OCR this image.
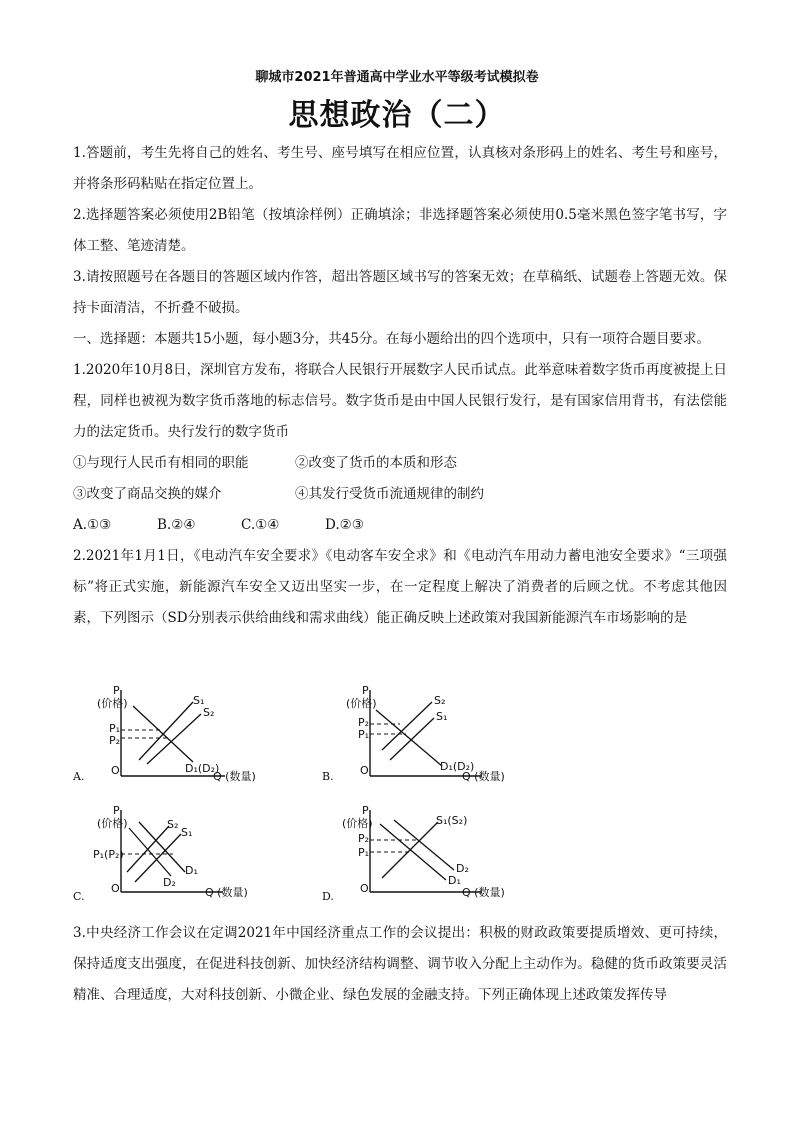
聊城市2021年普通高中学业水平等级考试模拟卷
思想政治（二）

1.答题前，考生先将自己的姓名、考生号、座号填写在相应位置，认真核对条形码上的姓名、考生号和座号，并将条形码粘贴在指定位置上。

2.选择题答案必须使用2B铅笔（按填涂样例）正确填涂；非选择题答案必须使用0.5毫米黑色签字笔书写，字体工整、笔迹清楚。

3.请按照题号在各题目的答题区域内作答，超出答题区域书写的答案无效；在草稿纸、试题卷上答题无效。保持卡面清洁，不折叠不破损。

一、选择题：本题共15小题，每小题3分，共45分。在每小题给出的四个选项中，只有一项符合题目要求。

1.2020年10月8日，深圳官方发布，将联合人民银行开展数字人民币试点。此举意味着数字货币再度被提上日程，同样也被视为数字货币落地的标志信号。数字货币是由中国人民银行发行，是有国家信用背书，有法偿能力的法定货币。央行发行的数字货币

①与现行人民币有相同的职能	②改变了货币的本质和形态
③改变了商品交换的媒介	④其发行受货币流通规律的制约
A.①③	B.②④	C.①④	D.②③

2.2021年1月1日，《电动汽车安全要求》《电动客车安全求》和《电动汽车用动力蓄电池安全要求》“三项强标”将正式实施，新能源汽车安全又迈出坚实一步，在一定程度上解决了消费者的后顾之忧。不考虑其他因素，下列图示（SD分别表示供给曲线和需求曲线）能正确反映上述政策对我国新能源汽车市场影响的是

P
(价格)
O	Q (数量)
S₁
S₂
D₁(D₂)
P₁
P₂
A.
P
(价格)
O	Q (数量)
S₂
S₁
D₁(D₂)
P₂
P₁
B.
P
(价格)
O	Q (数量)
S₂
S₁
D₁
D₂
P₁(P₂)
C.
P
(价格)
O	Q (数量)
S₁(S₂)
D₂
D₁
P₂
P₁
D.

3.中央经济工作会议在定调2021年中国经济重点工作的会议提出：积极的财政政策要提质增效、更可持续，保持适度支出强度，在促进科技创新、加快经济结构调整、调节收入分配上主动作为。稳健的货币政策要灵活精准、合理适度，大对科技创新、小微企业、绿色发展的金融支持。下列正确体现上述政策发挥传导
